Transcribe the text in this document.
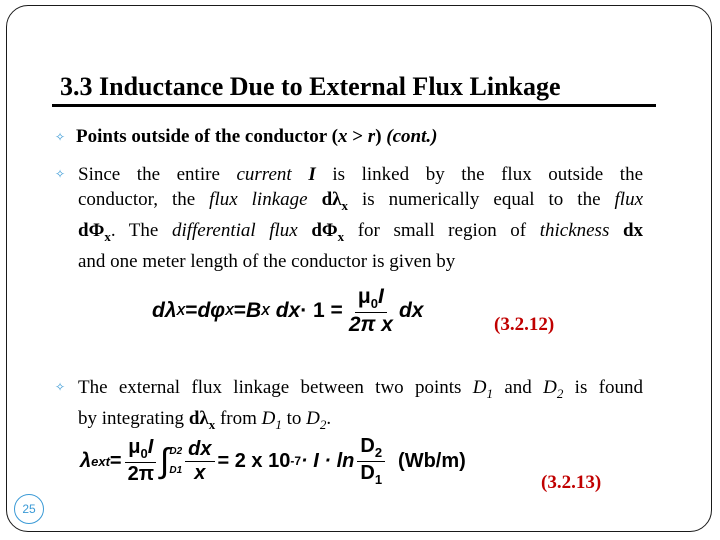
3.3 Inductance Due to External Flux Linkage
✧ Points outside of the conductor (x > r) (cont.)
✧ Since the entire current I is linked by the flux outside the
conductor, the flux linkage $d\lambda_x$ is numerically equal to the flux
$d\Phi_x$. The differential flux $d\Phi_x$ for small region of thickness dx
and one meter length of the conductor is given by
dλ X = dφ X = B X
dx · $1 = \frac{\mu_0I}{\text{2π x}}$ dx
(3.2.12)
✧ The external flux linkage between two points $D_1$ and $D_2$ is found
by integrating $d\lambda_x$ from $D_1$ to $D_2$.
λ ext = $\frac{\mu_0I}{2\pi}$ ∫ D2
$D1 \frac{dx}{x} = 2$ x 10 $-7 \cdot I \cdot \ln \frac{D_2}{D_1} (Wb/m)$
(3.2.13)
25
